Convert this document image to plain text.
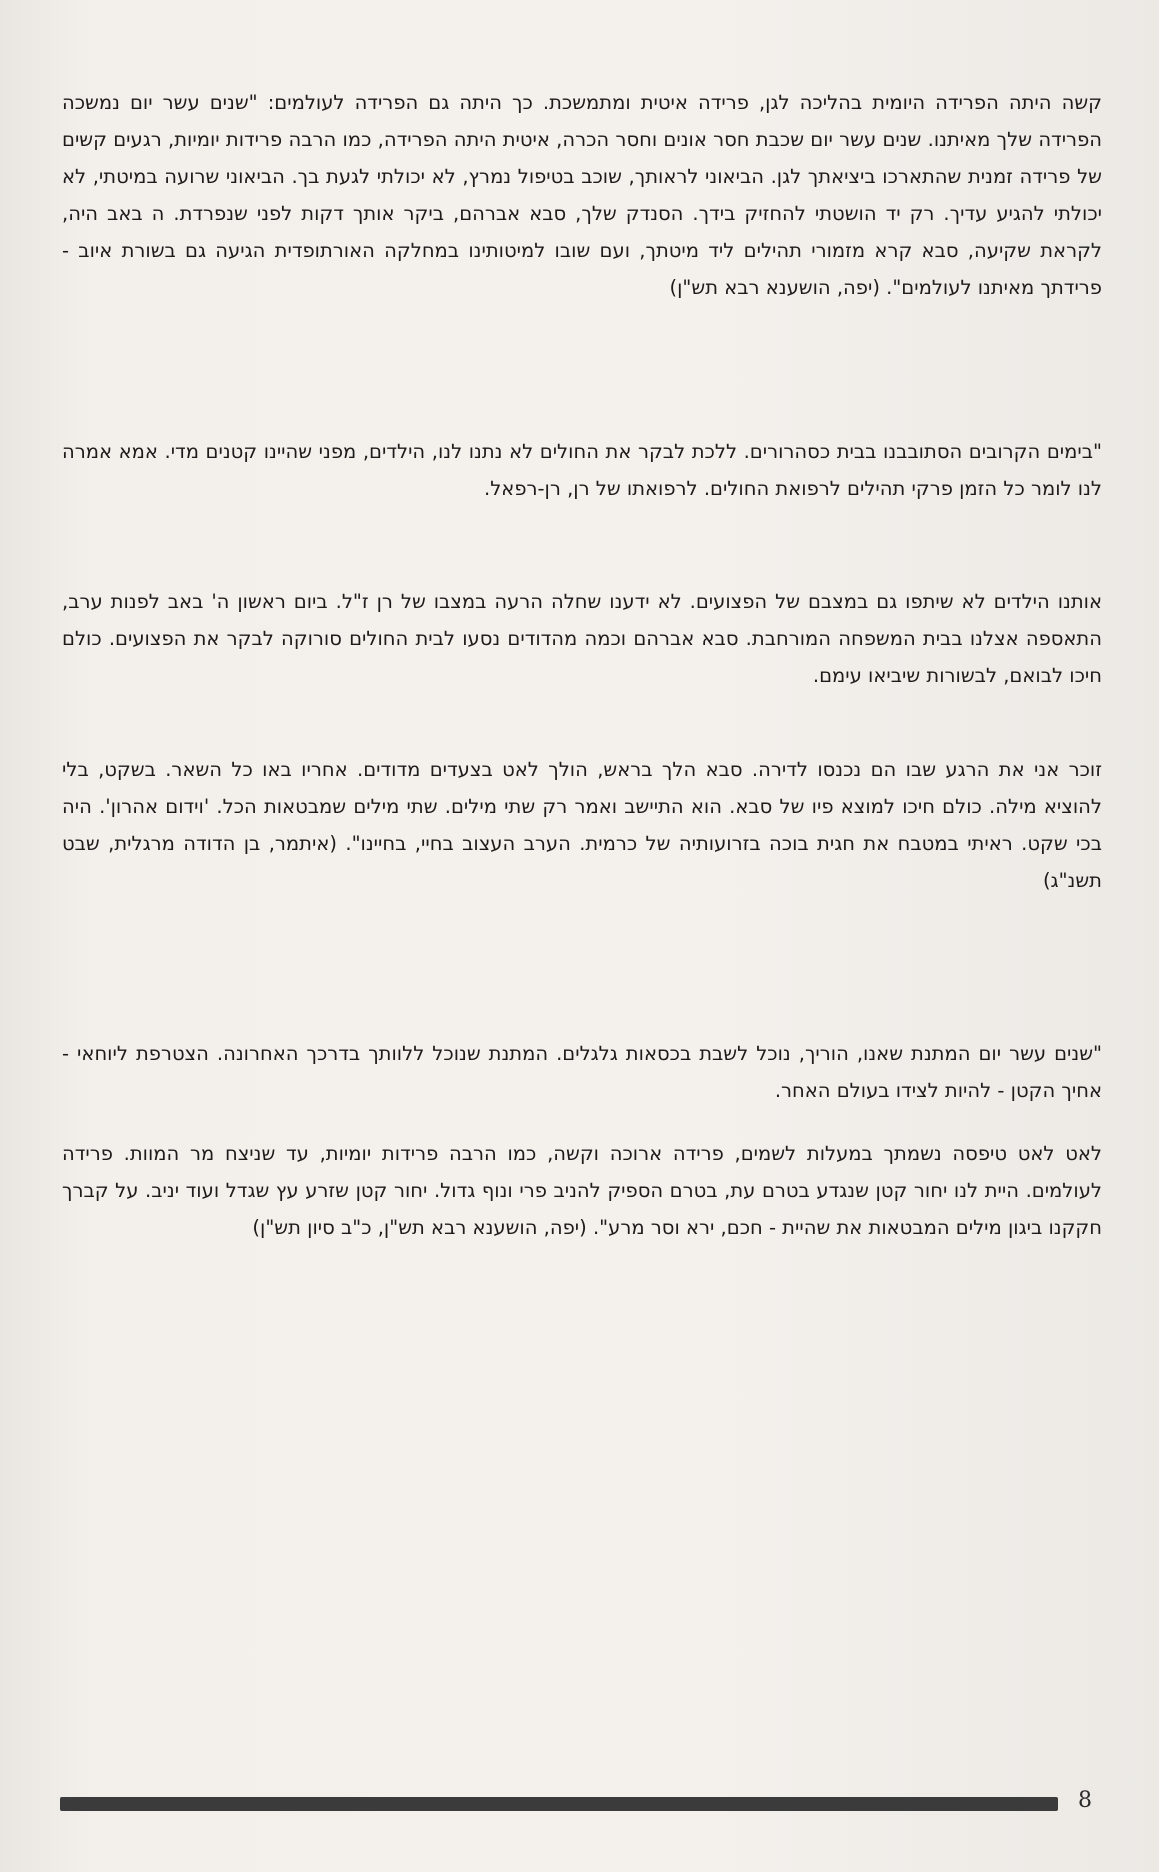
קשה היתה הפרידה היומית בהליכה לגן, פרידה איטית ומתמשכת. כך היתה גם הפרידה לעולמים: "שנים עשר יום נמשכה הפרידה שלך מאיתנו. שנים עשר יום שכבת חסר אונים וחסר הכרה, איטית היתה הפרידה, כמו הרבה פרידות יומיות, רגעים קשים של פרידה זמנית שהתארכו ביציאתך לגן. הביאוני לראותך, שוכב בטיפול נמרץ, לא יכולתי לגעת בך. הביאוני שרועה במיטתי, לא יכולתי להגיע עדיך. רק יד הושטתי להחזיק בידך. הסנדק שלך, סבא אברהם, ביקר אותך דקות לפני שנפרדת. ה באב היה, לקראת שקיעה, סבא קרא מזמורי תהילים ליד מיטתך, ועם שובו למיטותינו במחלקה האורתופדית הגיעה גם בשורת איוב - פרידתך מאיתנו לעולמים". (יפה, הושענא רבא תש"ן)

"בימים הקרובים הסתובבנו בבית כסהרורים. ללכת לבקר את החולים לא נתנו לנו, הילדים, מפני שהיינו קטנים מדי. אמא אמרה לנו לומר כל הזמן פרקי תהילים לרפואת החולים. לרפואתו של רן, רן-רפאל.

אותנו הילדים לא שיתפו גם במצבם של הפצועים. לא ידענו שחלה הרעה במצבו של רן ז"ל. ביום ראשון ה' באב לפנות ערב, התאספה אצלנו בבית המשפחה המורחבת. סבא אברהם וכמה מהדודים נסעו לבית החולים סורוקה לבקר את הפצועים. כולם חיכו לבואם, לבשורות שיביאו עימם.

זוכר אני את הרגע שבו הם נכנסו לדירה. סבא הלך בראש, הולך לאט בצעדים מדודים. אחריו באו כל השאר. בשקט, בלי להוציא מילה. כולם חיכו למוצא פיו של סבא. הוא התיישב ואמר רק שתי מילים. שתי מילים שמבטאות הכל. 'וידום אהרון'. היה בכי שקט. ראיתי במטבח את חגית בוכה בזרועותיה של כרמית. הערב העצוב בחיי, בחיינו". (איתמר, בן הדודה מרגלית, שבט תשנ"ג)

"שנים עשר יום המתנת שאנו, הוריך, נוכל לשבת בכסאות גלגלים. המתנת שנוכל ללוותך בדרכך האחרונה. הצטרפת ליוחאי - אחיך הקטן - להיות לצידו בעולם האחר.

לאט לאט טיפסה נשמתך במעלות לשמים, פרידה ארוכה וקשה, כמו הרבה פרידות יומיות, עד שניצח מר המוות. פרידה לעולמים. היית לנו יחור קטן שנגדע בטרם עת, בטרם הספיק להניב פרי ונוף גדול. יחור קטן שזרע עץ שגדל ועוד יניב. על קברך חקקנו ביגון מילים המבטאות את שהיית - חכם, ירא וסר מרע". (יפה, הושענא רבא תש"ן, כ"ב סיון תש"ן)

8
